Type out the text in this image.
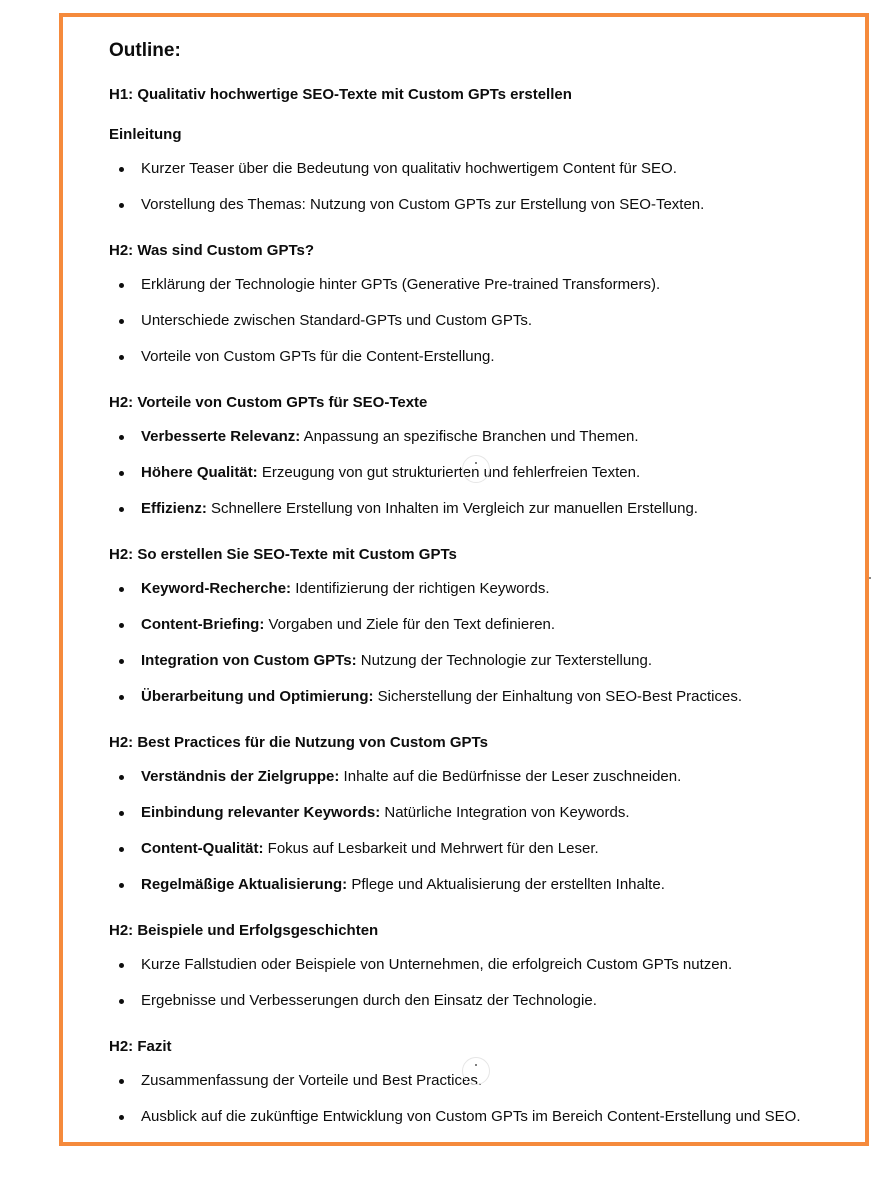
Outline:
H1: Qualitativ hochwertige SEO-Texte mit Custom GPTs erstellen
Einleitung
Kurzer Teaser über die Bedeutung von qualitativ hochwertigem Content für SEO.
Vorstellung des Themas: Nutzung von Custom GPTs zur Erstellung von SEO-Texten.
H2: Was sind Custom GPTs?
Erklärung der Technologie hinter GPTs (Generative Pre-trained Transformers).
Unterschiede zwischen Standard-GPTs und Custom GPTs.
Vorteile von Custom GPTs für die Content-Erstellung.
H2: Vorteile von Custom GPTs für SEO-Texte
Verbesserte Relevanz: Anpassung an spezifische Branchen und Themen.
Höhere Qualität: Erzeugung von gut strukturierten und fehlerfreien Texten.
Effizienz: Schnellere Erstellung von Inhalten im Vergleich zur manuellen Erstellung.
H2: So erstellen Sie SEO-Texte mit Custom GPTs
Keyword-Recherche: Identifizierung der richtigen Keywords.
Content-Briefing: Vorgaben und Ziele für den Text definieren.
Integration von Custom GPTs: Nutzung der Technologie zur Texterstellung.
Überarbeitung und Optimierung: Sicherstellung der Einhaltung von SEO-Best Practices.
H2: Best Practices für die Nutzung von Custom GPTs
Verständnis der Zielgruppe: Inhalte auf die Bedürfnisse der Leser zuschneiden.
Einbindung relevanter Keywords: Natürliche Integration von Keywords.
Content-Qualität: Fokus auf Lesbarkeit und Mehrwert für den Leser.
Regelmäßige Aktualisierung: Pflege und Aktualisierung der erstellten Inhalte.
H2: Beispiele und Erfolgsgeschichten
Kurze Fallstudien oder Beispiele von Unternehmen, die erfolgreich Custom GPTs nutzen.
Ergebnisse und Verbesserungen durch den Einsatz der Technologie.
H2: Fazit
Zusammenfassung der Vorteile und Best Practices.
Ausblick auf die zukünftige Entwicklung von Custom GPTs im Bereich Content-Erstellung und SEO.
